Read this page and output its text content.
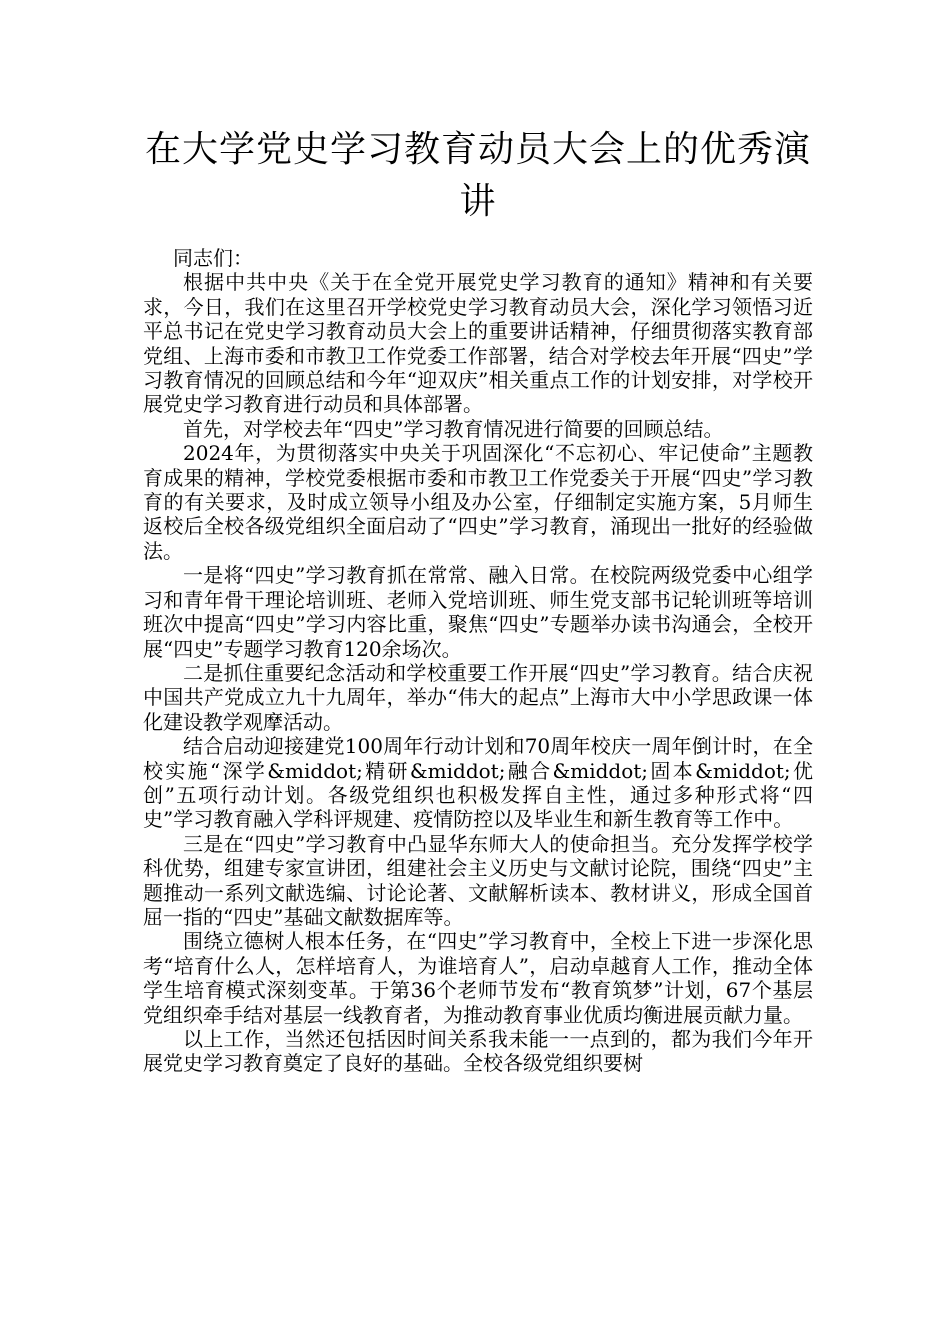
在大学党史学习教育动员大会上的优秀演讲

同志们：

根据中共中央《关于在全党开展党史学习教育的通知》精神和有关要求，今日，我们在这里召开学校党史学习教育动员大会，深化学习领悟习近平总书记在党史学习教育动员大会上的重要讲话精神，仔细贯彻落实教育部党组、上海市委和市教卫工作党委工作部署，结合对学校去年开展“四史”学习教育情况的回顾总结和今年“迎双庆”相关重点工作的计划安排，对学校开展党史学习教育进行动员和具体部署。

首先，对学校去年“四史”学习教育情况进行简要的回顾总结。

2024年，为贯彻落实中央关于巩固深化“不忘初心、牢记使命”主题教育成果的精神，学校党委根据市委和市教卫工作党委关于开展“四史”学习教育的有关要求，及时成立领导小组及办公室，仔细制定实施方案，5月师生返校后全校各级党组织全面启动了“四史”学习教育，涌现出一批好的经验做法。

一是将“四史”学习教育抓在常常、融入日常。在校院两级党委中心组学习和青年骨干理论培训班、老师入党培训班、师生党支部书记轮训班等培训班次中提高“四史”学习内容比重，聚焦“四史”专题举办读书沟通会，全校开展“四史”专题学习教育120余场次。

二是抓住重要纪念活动和学校重要工作开展“四史”学习教育。结合庆祝中国共产党成立九十九周年，举办“伟大的起点”上海市大中小学思政课一体化建设教学观摩活动。

结合启动迎接建党100周年行动计划和70周年校庆一周年倒计时，在全校实施“深学&middot;精研&middot;融合&middot;固本&middot;优创”五项行动计划。各级党组织也积极发挥自主性，通过多种形式将“四史”学习教育融入学科评规建、疫情防控以及毕业生和新生教育等工作中。

三是在“四史”学习教育中凸显华东师大人的使命担当。充分发挥学校学科优势，组建专家宣讲团，组建社会主义历史与文献讨论院，围绕“四史”主题推动一系列文献选编、讨论论著、文献解析读本、教材讲义，形成全国首屈一指的“四史”基础文献数据库等。

围绕立德树人根本任务，在“四史”学习教育中，全校上下进一步深化思考“培育什么人，怎样培育人，为谁培育人”，启动卓越育人工作，推动全体学生培育模式深刻变革。于第36个老师节发布“教育筑梦”计划，67个基层党组织牵手结对基层一线教育者，为推动教育事业优质均衡进展贡献力量。

以上工作，当然还包括因时间关系我未能一一点到的，都为我们今年开展党史学习教育奠定了良好的基础。全校各级党组织要树
